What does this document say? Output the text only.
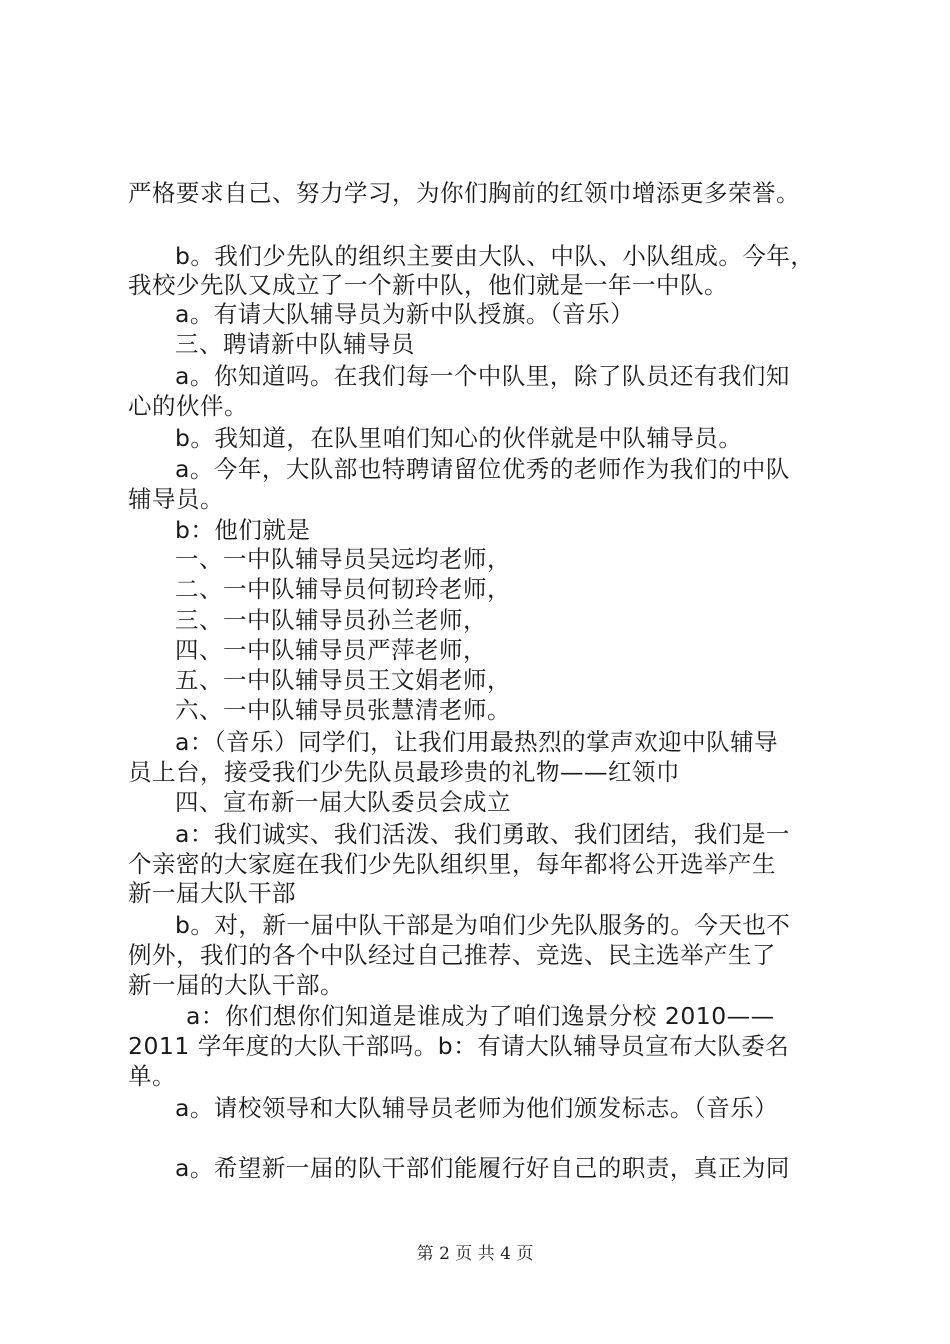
严格要求自己、努力学习，为你们胸前的红领巾增添更多荣誉。
b。我们少先队的组织主要由大队、中队、小队组成。今年，
我校少先队又成立了一个新中队，他们就是一年一中队。
a。有请大队辅导员为新中队授旗。（音乐）
三、聘请新中队辅导员
a。你知道吗。在我们每一个中队里，除了队员还有我们知
心的伙伴。
b。我知道，在队里咱们知心的伙伴就是中队辅导员。
a。今年，大队部也特聘请留位优秀的老师作为我们的中队
辅导员。
b：他们就是
一、一中队辅导员吴远均老师，
二、一中队辅导员何韧玲老师，
三、一中队辅导员孙兰老师，
四、一中队辅导员严萍老师，
五、一中队辅导员王文娟老师，
六、一中队辅导员张慧清老师。
a：（音乐）同学们，让我们用最热烈的掌声欢迎中队辅导
员上台，接受我们少先队员最珍贵的礼物——红领巾
四、宣布新一届大队委员会成立
a：我们诚实、我们活泼、我们勇敢、我们团结，我们是一
个亲密的大家庭在我们少先队组织里，每年都将公开选举产生
新一届大队干部
b。对，新一届中队干部是为咱们少先队服务的。今天也不
例外，我们的各个中队经过自己推荐、竞选、民主选举产生了
新一届的大队干部。
a：你们想你们知道是谁成为了咱们逸景分校 2010——
2011 学年度的大队干部吗。b：有请大队辅导员宣布大队委名
单。
a。请校领导和大队辅导员老师为他们颁发标志。（音乐）
a。希望新一届的队干部们能履行好自己的职责，真正为同
第 2 页 共 4 页
